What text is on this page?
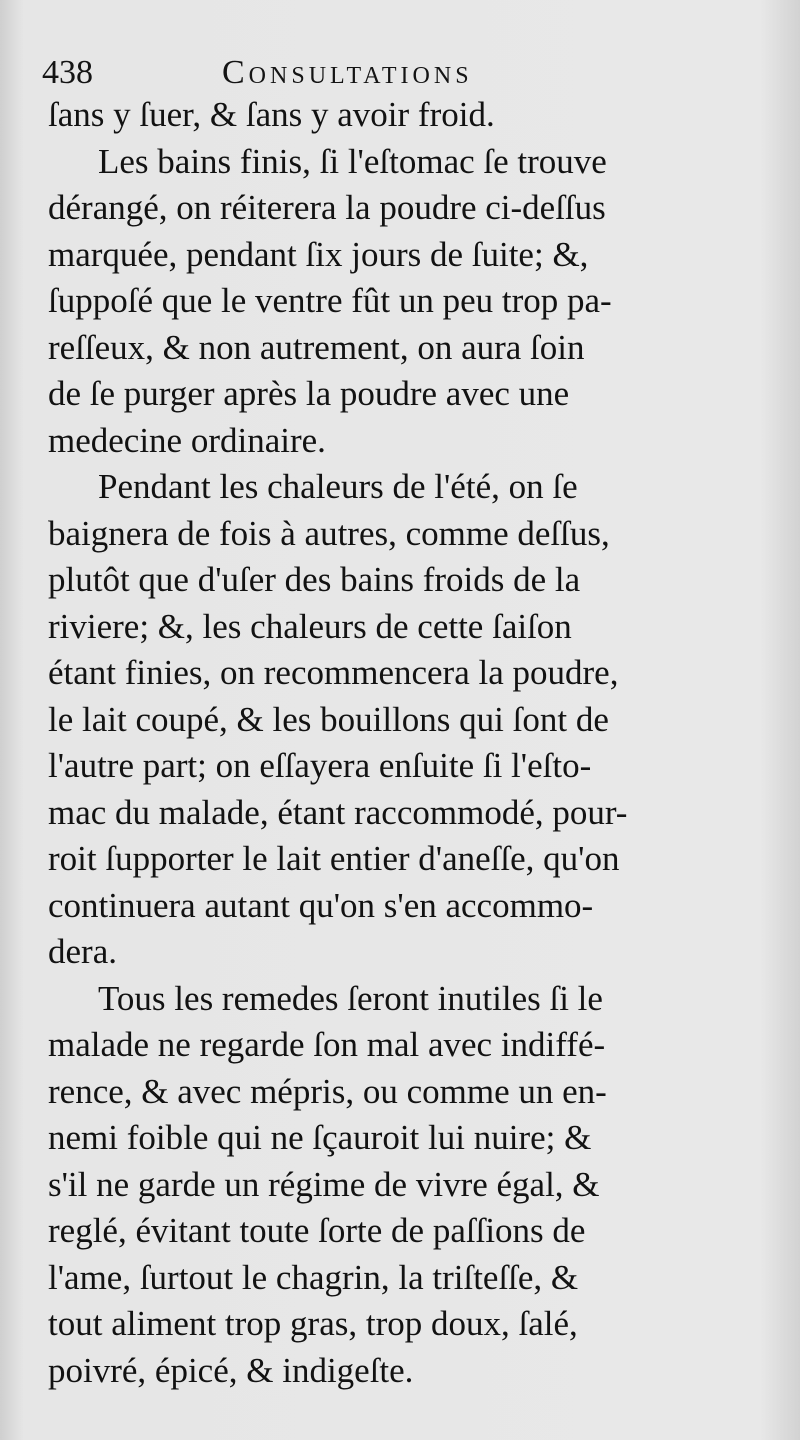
438	Consultations
ſans y ſuer, & ſans y avoir froid.
Les bains finis, ſi l'eſtomac ſe trouve
dérangé, on réiterera la poudre ci-deſſus
marquée, pendant ſix jours de ſuite; &,
ſuppoſé que le ventre fût un peu trop pa-
reſſeux, & non autrement, on aura ſoin
de ſe purger après la poudre avec une
medecine ordinaire.
Pendant les chaleurs de l'été, on ſe
baignera de fois à autres, comme deſſus,
plutôt que d'uſer des bains froids de la
riviere; &, les chaleurs de cette ſaiſon
étant finies, on recommencera la poudre,
le lait coupé, & les bouillons qui ſont de
l'autre part; on eſſayera enſuite ſi l'eſto-
mac du malade, étant raccommodé, pour-
roit ſupporter le lait entier d'aneſſe, qu'on
continuera autant qu'on s'en accommo-
dera.
Tous les remedes ſeront inutiles ſi le
malade ne regarde ſon mal avec indiffé-
rence, & avec mépris, ou comme un en-
nemi foible qui ne ſçauroit lui nuire; &
s'il ne garde un régime de vivre égal, &
reglé, évitant toute ſorte de paſſions de
l'ame, ſurtout le chagrin, la triſteſſe, &
tout aliment trop gras, trop doux, ſalé,
poivré, épicé, & indigeſte.
